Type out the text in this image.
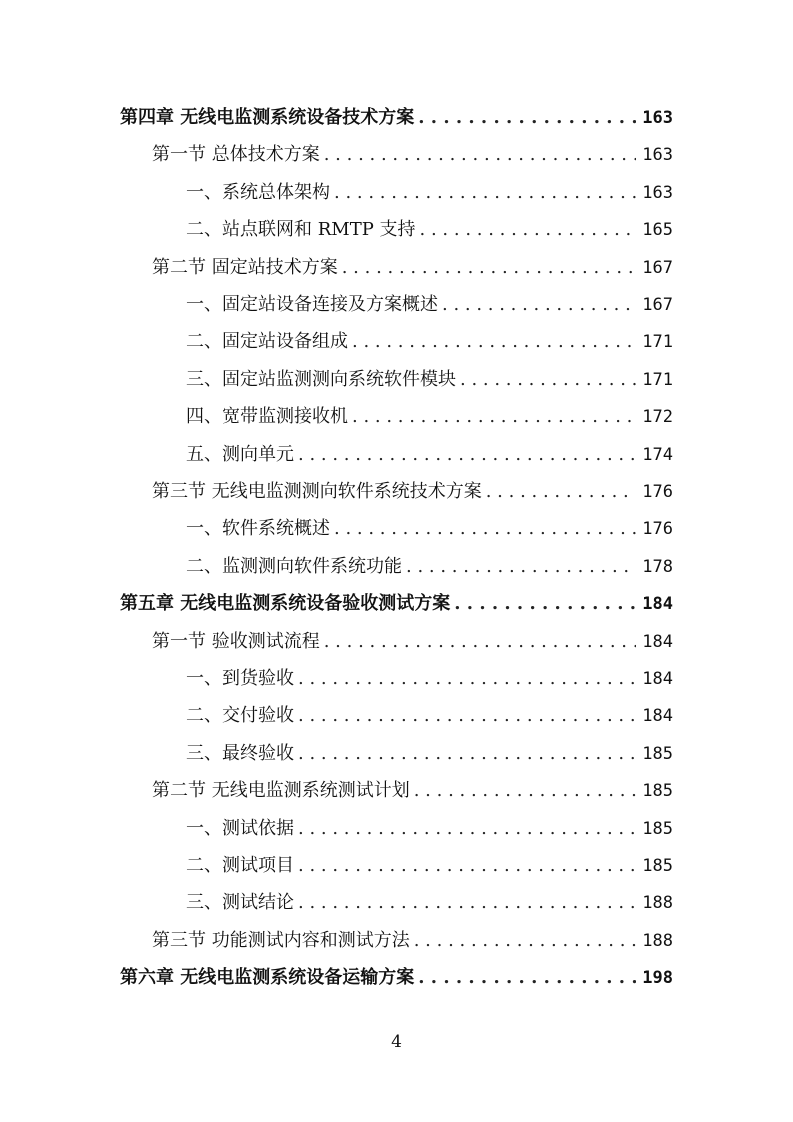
第四章 无线电监测系统设备技术方案 . . .	163
第一节 总体技术方案 . . .	163
一、系统总体架构 . . .	163
二、站点联网和 RMTP 支持 . . .	165
第二节 固定站技术方案 . . .	167
一、固定站设备连接及方案概述 . . .	167
二、固定站设备组成 . . .	171
三、固定站监测测向系统软件模块 . . .	171
四、宽带监测接收机 . . .	172
五、测向单元 . . .	174
第三节 无线电监测测向软件系统技术方案 . . .	176
一、软件系统概述 . . .	176
二、监测测向软件系统功能 . . .	178
第五章 无线电监测系统设备验收测试方案 . . .	184
第一节 验收测试流程 . . .	184
一、到货验收 . . .	184
二、交付验收 . . .	184
三、最终验收 . . .	185
第二节 无线电监测系统测试计划 . . .	185
一、测试依据 . . .	185
二、测试项目 . . .	185
三、测试结论 . . .	188
第三节 功能测试内容和测试方法 . . .	188
第六章 无线电监测系统设备运输方案 . . .	198
4
